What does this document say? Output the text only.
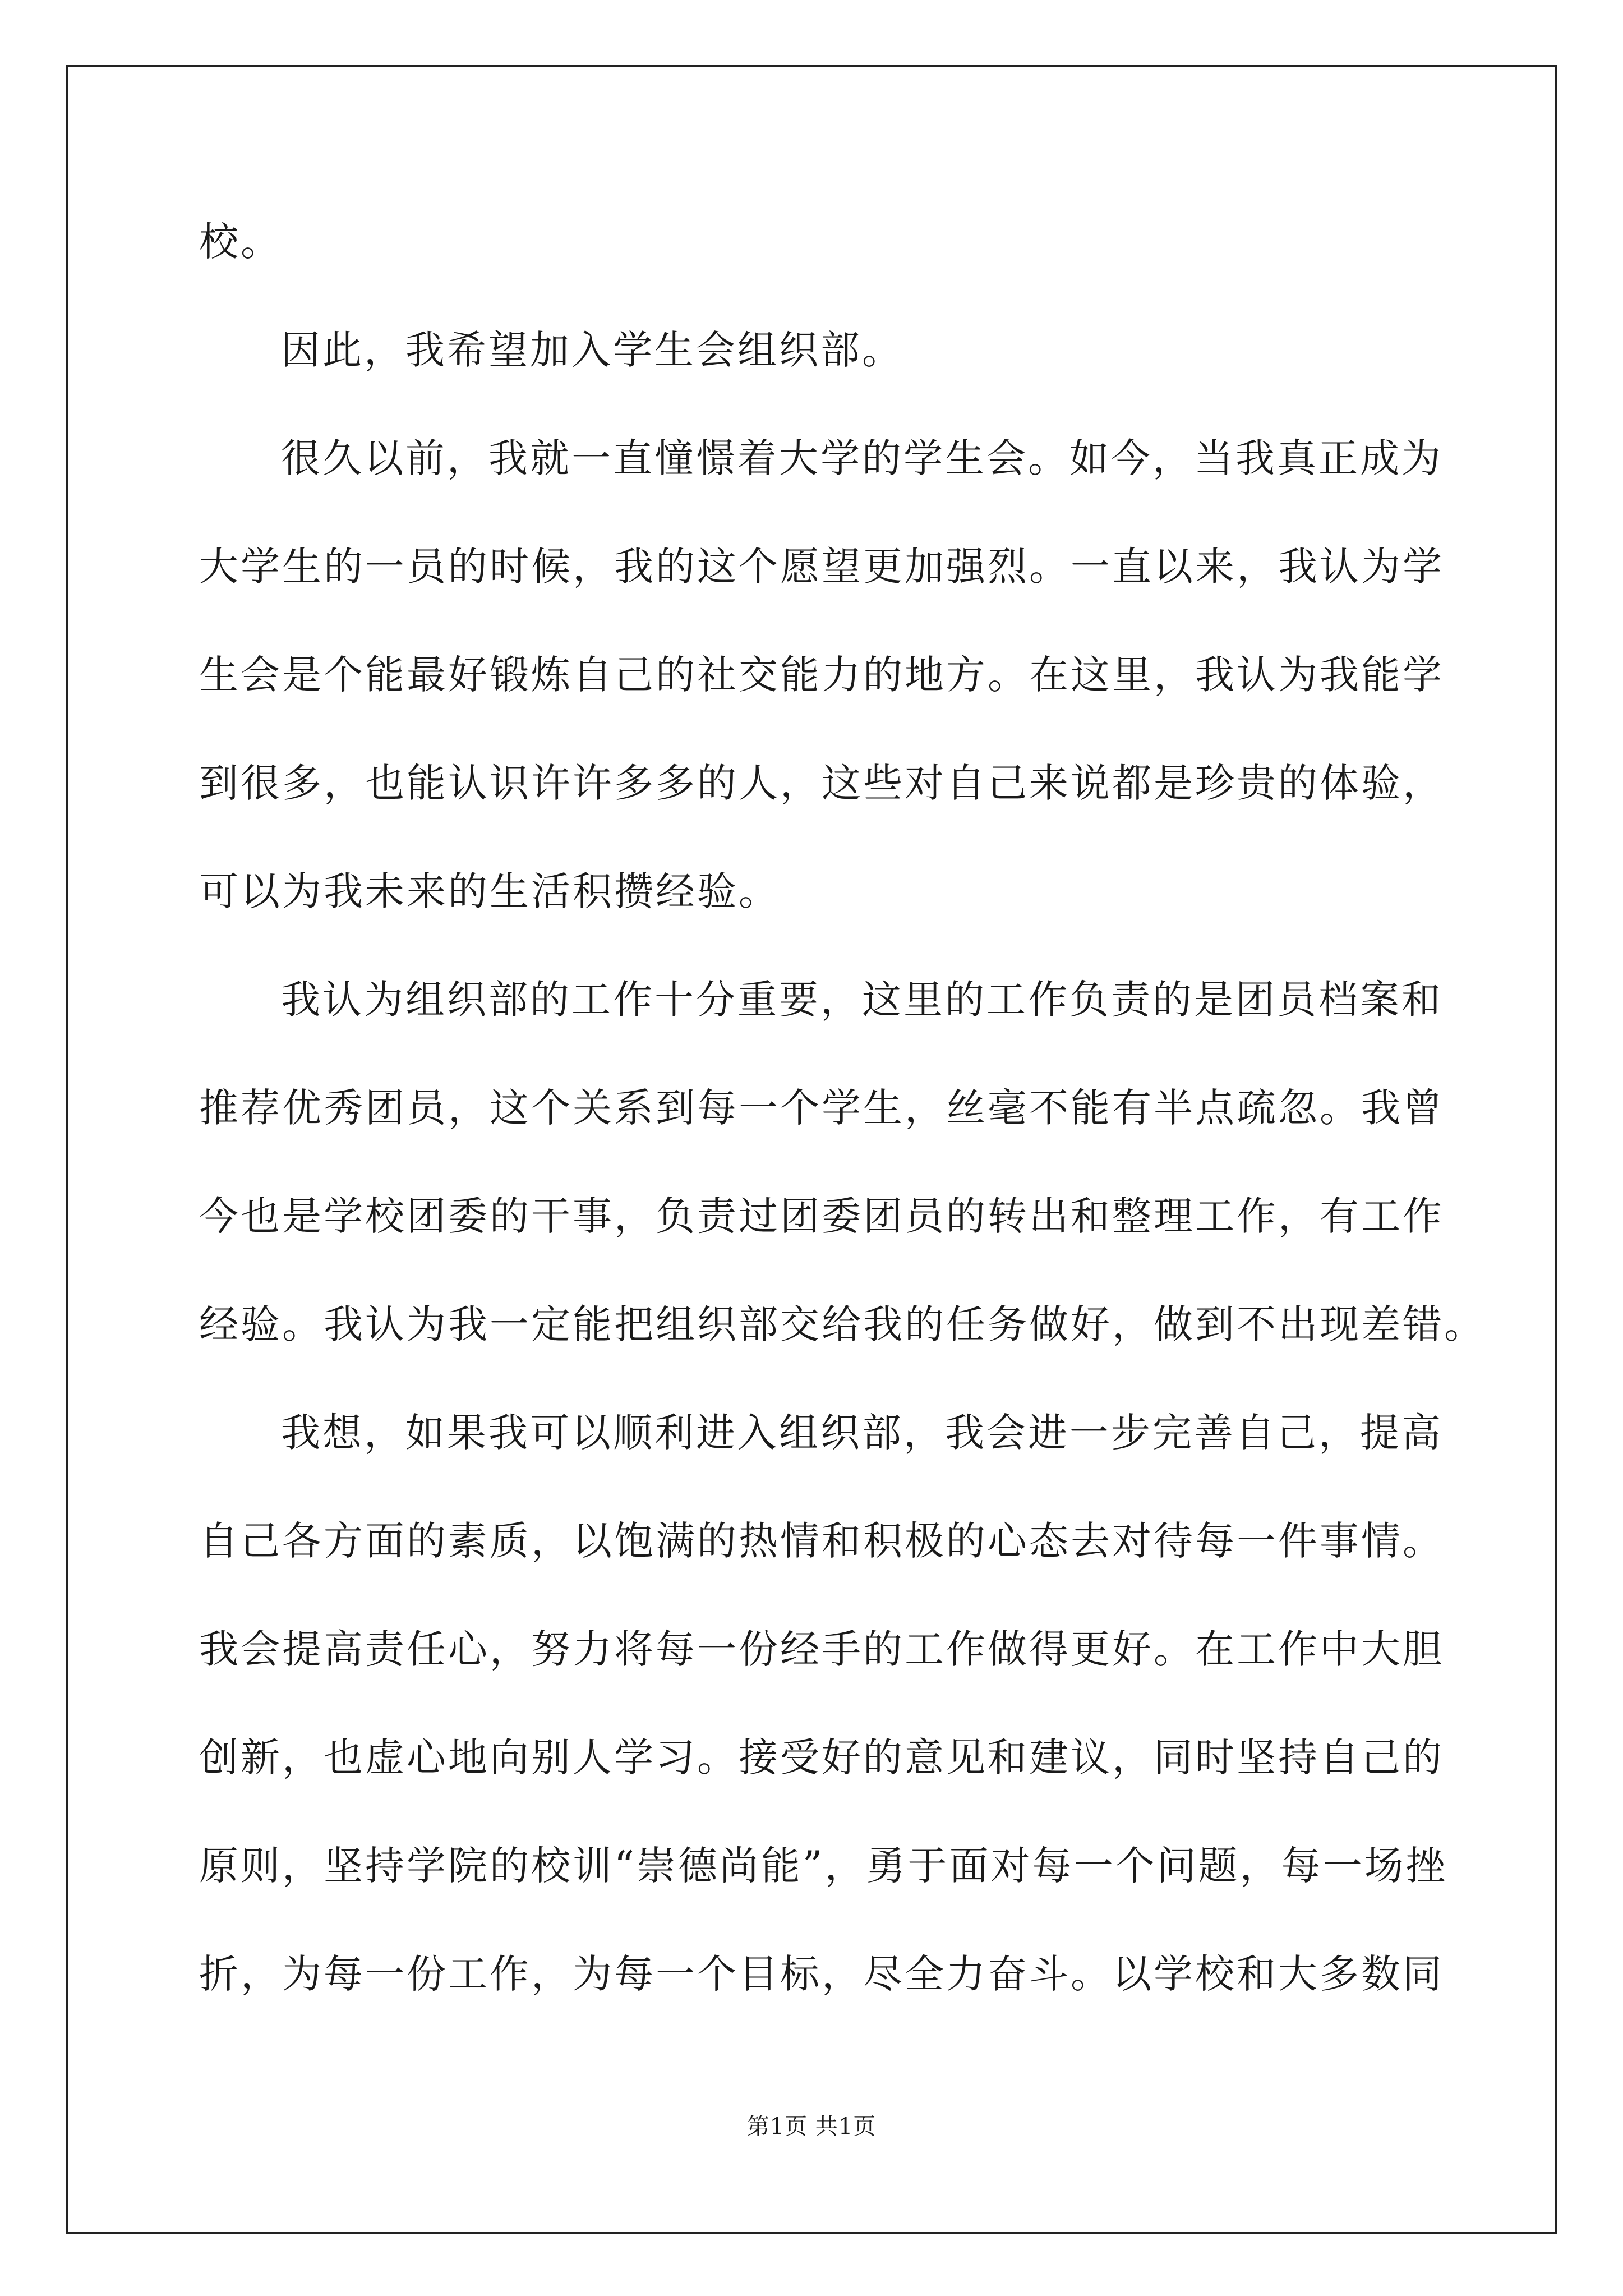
校。
因此，我希望加入学生会组织部。
很久以前，我就一直憧憬着大学的学生会。如今，当我真正成为
大学生的一员的时候，我的这个愿望更加强烈。一直以来，我认为学
生会是个能最好锻炼自己的社交能力的地方。在这里，我认为我能学
到很多，也能认识许许多多的人，这些对自己来说都是珍贵的体验，
可以为我未来的生活积攒经验。
我认为组织部的工作十分重要，这里的工作负责的是团员档案和
推荐优秀团员，这个关系到每一个学生，丝毫不能有半点疏忽。我曾
今也是学校团委的干事，负责过团委团员的转出和整理工作，有工作
经验。我认为我一定能把组织部交给我的任务做好，做到不出现差错。
我想，如果我可以顺利进入组织部，我会进一步完善自己，提高
自己各方面的素质，以饱满的热情和积极的心态去对待每一件事情。
我会提高责任心，努力将每一份经手的工作做得更好。在工作中大胆
创新，也虚心地向别人学习。接受好的意见和建议，同时坚持自己的
原则，坚持学院的校训“崇德尚能”，勇于面对每一个问题，每一场挫
折，为每一份工作，为每一个目标，尽全力奋斗。以学校和大多数同
第1页 共1页
